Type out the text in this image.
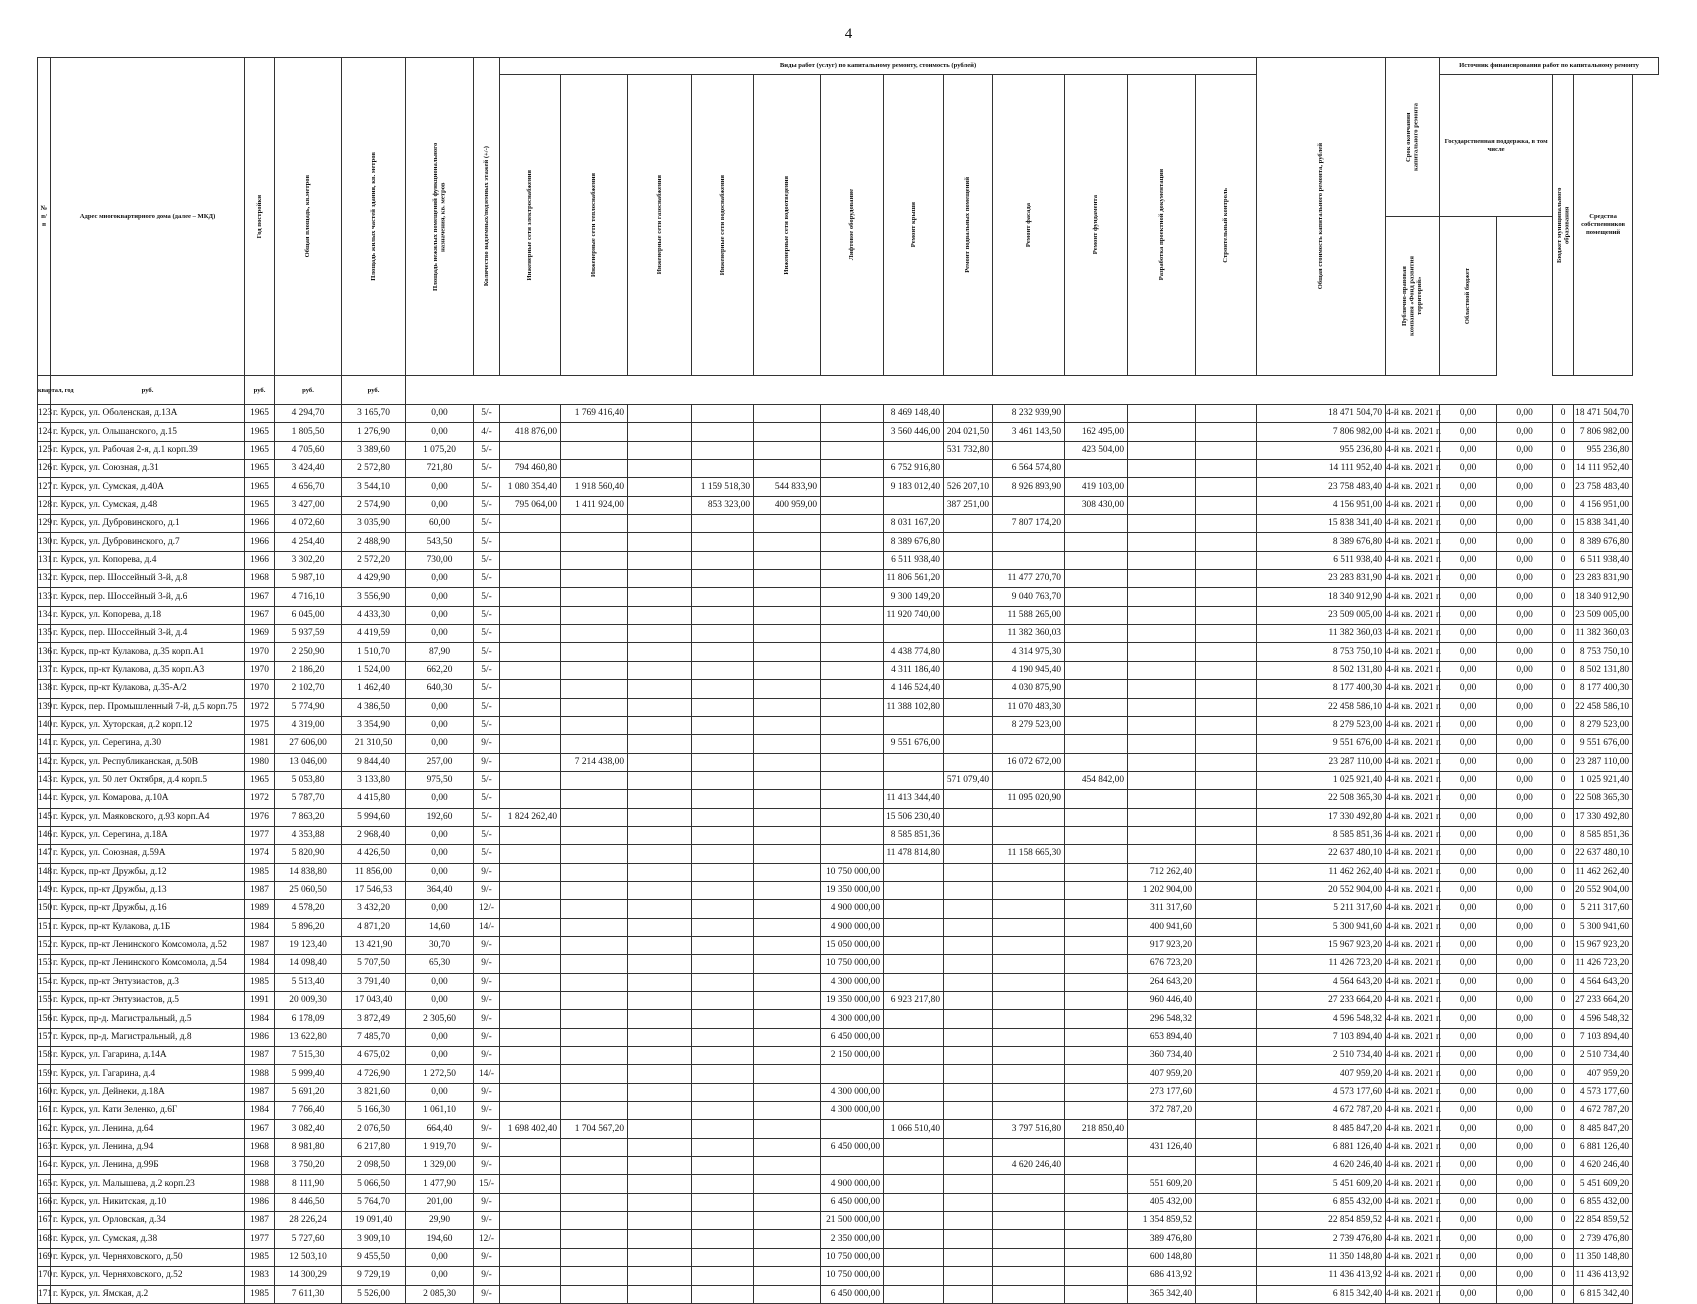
4
№ п/п	Адрес многоквартирного дома (далее – МКД)	Год постройки	Общая площадь, кв.метров	Площадь жилых частей здания, кв. метров	Площадь нежилых помещений функционального назначения, кв. метров	Количество надземных/подземных этажей (+/-)	Виды работ (услуг) по капитальному ремонту, стоимость (рублей)												Общая стоимость капитального ремонта, рублей	Срок окончания капитального ремонта	Источник финансирования работ по капитальному ремонту			

							Инженерные сети электроснабжения	Инженерные сети теплоснабжения	Инженерные сети газоснабжения	Инженерные сети водоснабжения	Инженерные сети водоотведения	Лифтовое оборудование	Ремонт крыши	Ремонт подвальных помещений	Ремонт фасада	Ремонт фундамента	Разработка проектной документации	Строительный контроль			Государственная поддержка, в том числе		Бюджет муниципального образования	Средства собственников помещений

																				Публично-правовая компания «Фонд развития территорий»	Областной бюджет			

квартал, год	руб.	руб.	руб.	руб.																				
123	г. Курск, ул. Оболенская, д.13А	1965	4 294,70	3 165,70	0,00	5/-		1 769 416,40					8 469 148,40		8 232 939,90				18 471 504,70	4-й кв. 2021 г.	0,00	0,00	0	18 471 504,70
124	г. Курск, ул. Ольшанского, д.15	1965	1 805,50	1 276,90	0,00	4/-	418 876,00						3 560 446,00	204 021,50	3 461 143,50	162 495,00			7 806 982,00	4-й кв. 2021 г.	0,00	0,00	0	7 806 982,00
125	г. Курск, ул. Рабочая 2-я, д.1 корп.39	1965	4 705,60	3 389,60	1 075,20	5/-								531 732,80		423 504,00			955 236,80	4-й кв. 2021 г.	0,00	0,00	0	955 236,80
126	г. Курск, ул. Союзная, д.31	1965	3 424,40	2 572,80	721,80	5/-	794 460,80						6 752 916,80		6 564 574,80				14 111 952,40	4-й кв. 2021 г.	0,00	0,00	0	14 111 952,40
127	г. Курск, ул. Сумская, д.40А	1965	4 656,70	3 544,10	0,00	5/-	1 080 354,40	1 918 560,40		1 159 518,30	544 833,90		9 183 012,40	526 207,10	8 926 893,90	419 103,00			23 758 483,40	4-й кв. 2021 г.	0,00	0,00	0	23 758 483,40
128	г. Курск, ул. Сумская, д.48	1965	3 427,00	2 574,90	0,00	5/-	795 064,00	1 411 924,00		853 323,00	400 959,00			387 251,00		308 430,00			4 156 951,00	4-й кв. 2021 г.	0,00	0,00	0	4 156 951,00
129	г. Курск, ул. Дубровинского, д.1	1966	4 072,60	3 035,90	60,00	5/-							8 031 167,20		7 807 174,20				15 838 341,40	4-й кв. 2021 г.	0,00	0,00	0	15 838 341,40
130	г. Курск, ул. Дубровинского, д.7	1966	4 254,40	2 488,90	543,50	5/-							8 389 676,80						8 389 676,80	4-й кв. 2021 г.	0,00	0,00	0	8 389 676,80
131	г. Курск, ул. Копорева, д.4	1966	3 302,20	2 572,20	730,00	5/-							6 511 938,40						6 511 938,40	4-й кв. 2021 г.	0,00	0,00	0	6 511 938,40
132	г. Курск, пер. Шоссейный 3-й, д.8	1968	5 987,10	4 429,90	0,00	5/-							11 806 561,20		11 477 270,70				23 283 831,90	4-й кв. 2021 г.	0,00	0,00	0	23 283 831,90
133	г. Курск, пер. Шоссейный 3-й, д.6	1967	4 716,10	3 556,90	0,00	5/-							9 300 149,20		9 040 763,70				18 340 912,90	4-й кв. 2021 г.	0,00	0,00	0	18 340 912,90
134	г. Курск, ул. Копорева, д.18	1967	6 045,00	4 433,30	0,00	5/-							11 920 740,00		11 588 265,00				23 509 005,00	4-й кв. 2021 г.	0,00	0,00	0	23 509 005,00
135	г. Курск, пер. Шоссейный 3-й, д.4	1969	5 937,59	4 419,59	0,00	5/-									11 382 360,03				11 382 360,03	4-й кв. 2021 г.	0,00	0,00	0	11 382 360,03
136	г. Курск, пр-кт Кулакова, д.35 корп.А1	1970	2 250,90	1 510,70	87,90	5/-							4 438 774,80		4 314 975,30				8 753 750,10	4-й кв. 2021 г.	0,00	0,00	0	8 753 750,10
137	г. Курск, пр-кт Кулакова, д.35 корп.А3	1970	2 186,20	1 524,00	662,20	5/-							4 311 186,40		4 190 945,40				8 502 131,80	4-й кв. 2021 г.	0,00	0,00	0	8 502 131,80
138	г. Курск, пр-кт Кулакова, д.35-А/2	1970	2 102,70	1 462,40	640,30	5/-							4 146 524,40		4 030 875,90				8 177 400,30	4-й кв. 2021 г.	0,00	0,00	0	8 177 400,30
139	г. Курск, пер. Промышленный 7-й, д.5 корп.75	1972	5 774,90	4 386,50	0,00	5/-							11 388 102,80		11 070 483,30				22 458 586,10	4-й кв. 2021 г.	0,00	0,00	0	22 458 586,10
140	г. Курск, ул. Хуторская, д.2 корп.12	1975	4 319,00	3 354,90	0,00	5/-									8 279 523,00				8 279 523,00	4-й кв. 2021 г.	0,00	0,00	0	8 279 523,00
141	г. Курск, ул. Серегина, д.30	1981	27 606,00	21 310,50	0,00	9/-							9 551 676,00						9 551 676,00	4-й кв. 2021 г.	0,00	0,00	0	9 551 676,00
142	г. Курск, ул. Республиканская, д.50В	1980	13 046,00	9 844,40	257,00	9/-		7 214 438,00							16 072 672,00				23 287 110,00	4-й кв. 2021 г.	0,00	0,00	0	23 287 110,00
143	г. Курск, ул. 50 лет Октября, д.4 корп.5	1965	5 053,80	3 133,80	975,50	5/-								571 079,40		454 842,00			1 025 921,40	4-й кв. 2021 г.	0,00	0,00	0	1 025 921,40
144	г. Курск, ул. Комарова, д.10А	1972	5 787,70	4 415,80	0,00	5/-							11 413 344,40		11 095 020,90				22 508 365,30	4-й кв. 2021 г.	0,00	0,00	0	22 508 365,30
145	г. Курск, ул. Маяковского, д.93 корп.А4	1976	7 863,20	5 994,60	192,60	5/-	1 824 262,40						15 506 230,40						17 330 492,80	4-й кв. 2021 г.	0,00	0,00	0	17 330 492,80
146	г. Курск, ул. Серегина, д.18А	1977	4 353,88	2 968,40	0,00	5/-							8 585 851,36						8 585 851,36	4-й кв. 2021 г.	0,00	0,00	0	8 585 851,36
147	г. Курск, ул. Союзная, д.59А	1974	5 820,90	4 426,50	0,00	5/-							11 478 814,80		11 158 665,30				22 637 480,10	4-й кв. 2021 г.	0,00	0,00	0	22 637 480,10
148	г. Курск, пр-кт Дружбы, д.12	1985	14 838,80	11 856,00	0,00	9/-						10 750 000,00					712 262,40		11 462 262,40	4-й кв. 2021 г.	0,00	0,00	0	11 462 262,40
149	г. Курск, пр-кт Дружбы, д.13	1987	25 060,50	17 546,53	364,40	9/-						19 350 000,00					1 202 904,00		20 552 904,00	4-й кв. 2021 г.	0,00	0,00	0	20 552 904,00
150	г. Курск, пр-кт Дружбы, д.16	1989	4 578,20	3 432,20	0,00	12/-						4 900 000,00					311 317,60		5 211 317,60	4-й кв. 2021 г.	0,00	0,00	0	5 211 317,60
151	г. Курск, пр-кт Кулакова, д.1Б	1984	5 896,20	4 871,20	14,60	14/-						4 900 000,00					400 941,60		5 300 941,60	4-й кв. 2021 г.	0,00	0,00	0	5 300 941,60
152	г. Курск, пр-кт Ленинского Комсомола, д.52	1987	19 123,40	13 421,90	30,70	9/-						15 050 000,00					917 923,20		15 967 923,20	4-й кв. 2021 г.	0,00	0,00	0	15 967 923,20
153	г. Курск, пр-кт Ленинского Комсомола, д.54	1984	14 098,40	5 707,50	65,30	9/-						10 750 000,00					676 723,20		11 426 723,20	4-й кв. 2021 г.	0,00	0,00	0	11 426 723,20
154	г. Курск, пр-кт Энтузиастов, д.3	1985	5 513,40	3 791,40	0,00	9/-						4 300 000,00					264 643,20		4 564 643,20	4-й кв. 2021 г.	0,00	0,00	0	4 564 643,20
155	г. Курск, пр-кт Энтузиастов, д.5	1991	20 009,30	17 043,40	0,00	9/-						19 350 000,00	6 923 217,80				960 446,40		27 233 664,20	4-й кв. 2021 г.	0,00	0,00	0	27 233 664,20
156	г. Курск, пр-д. Магистральный, д.5	1984	6 178,09	3 872,49	2 305,60	9/-						4 300 000,00					296 548,32		4 596 548,32	4-й кв. 2021 г.	0,00	0,00	0	4 596 548,32
157	г. Курск, пр-д. Магистральный, д.8	1986	13 622,80	7 485,70	0,00	9/-						6 450 000,00					653 894,40		7 103 894,40	4-й кв. 2021 г.	0,00	0,00	0	7 103 894,40
158	г. Курск, ул. Гагарина, д.14А	1987	7 515,30	4 675,02	0,00	9/-						2 150 000,00					360 734,40		2 510 734,40	4-й кв. 2021 г.	0,00	0,00	0	2 510 734,40
159	г. Курск, ул. Гагарина, д.4	1988	5 999,40	4 726,90	1 272,50	14/-											407 959,20		407 959,20	4-й кв. 2021 г.	0,00	0,00	0	407 959,20
160	г. Курск, ул. Дейнеки, д.18А	1987	5 691,20	3 821,60	0,00	9/-						4 300 000,00					273 177,60		4 573 177,60	4-й кв. 2021 г.	0,00	0,00	0	4 573 177,60
161	г. Курск, ул. Кати Зеленко, д.6Г	1984	7 766,40	5 166,30	1 061,10	9/-						4 300 000,00					372 787,20		4 672 787,20	4-й кв. 2021 г.	0,00	0,00	0	4 672 787,20
162	г. Курск, ул. Ленина, д.64	1967	3 082,40	2 076,50	664,40	9/-	1 698 402,40	1 704 567,20					1 066 510,40		3 797 516,80	218 850,40			8 485 847,20	4-й кв. 2021 г.	0,00	0,00	0	8 485 847,20
163	г. Курск, ул. Ленина, д.94	1968	8 981,80	6 217,80	1 919,70	9/-						6 450 000,00					431 126,40		6 881 126,40	4-й кв. 2021 г.	0,00	0,00	0	6 881 126,40
164	г. Курск, ул. Ленина, д.99Б	1968	3 750,20	2 098,50	1 329,00	9/-									4 620 246,40				4 620 246,40	4-й кв. 2021 г.	0,00	0,00	0	4 620 246,40
165	г. Курск, ул. Малышева, д.2 корп.23	1988	8 111,90	5 066,50	1 477,90	15/-						4 900 000,00					551 609,20		5 451 609,20	4-й кв. 2021 г.	0,00	0,00	0	5 451 609,20
166	г. Курск, ул. Никитская, д.10	1986	8 446,50	5 764,70	201,00	9/-						6 450 000,00					405 432,00		6 855 432,00	4-й кв. 2021 г.	0,00	0,00	0	6 855 432,00
167	г. Курск, ул. Орловская, д.34	1987	28 226,24	19 091,40	29,90	9/-						21 500 000,00					1 354 859,52		22 854 859,52	4-й кв. 2021 г.	0,00	0,00	0	22 854 859,52
168	г. Курск, ул. Сумская, д.38	1977	5 727,60	3 909,10	194,60	12/-						2 350 000,00					389 476,80		2 739 476,80	4-й кв. 2021 г.	0,00	0,00	0	2 739 476,80
169	г. Курск, ул. Черняховского, д.50	1985	12 503,10	9 455,50	0,00	9/-						10 750 000,00					600 148,80		11 350 148,80	4-й кв. 2021 г.	0,00	0,00	0	11 350 148,80
170	г. Курск, ул. Черняховского, д.52	1983	14 300,29	9 729,19	0,00	9/-						10 750 000,00					686 413,92		11 436 413,92	4-й кв. 2021 г.	0,00	0,00	0	11 436 413,92
171	г. Курск, ул. Ямская, д.2	1985	7 611,30	5 526,00	2 085,30	9/-						6 450 000,00					365 342,40		6 815 342,40	4-й кв. 2021 г.	0,00	0,00	0	6 815 342,40
